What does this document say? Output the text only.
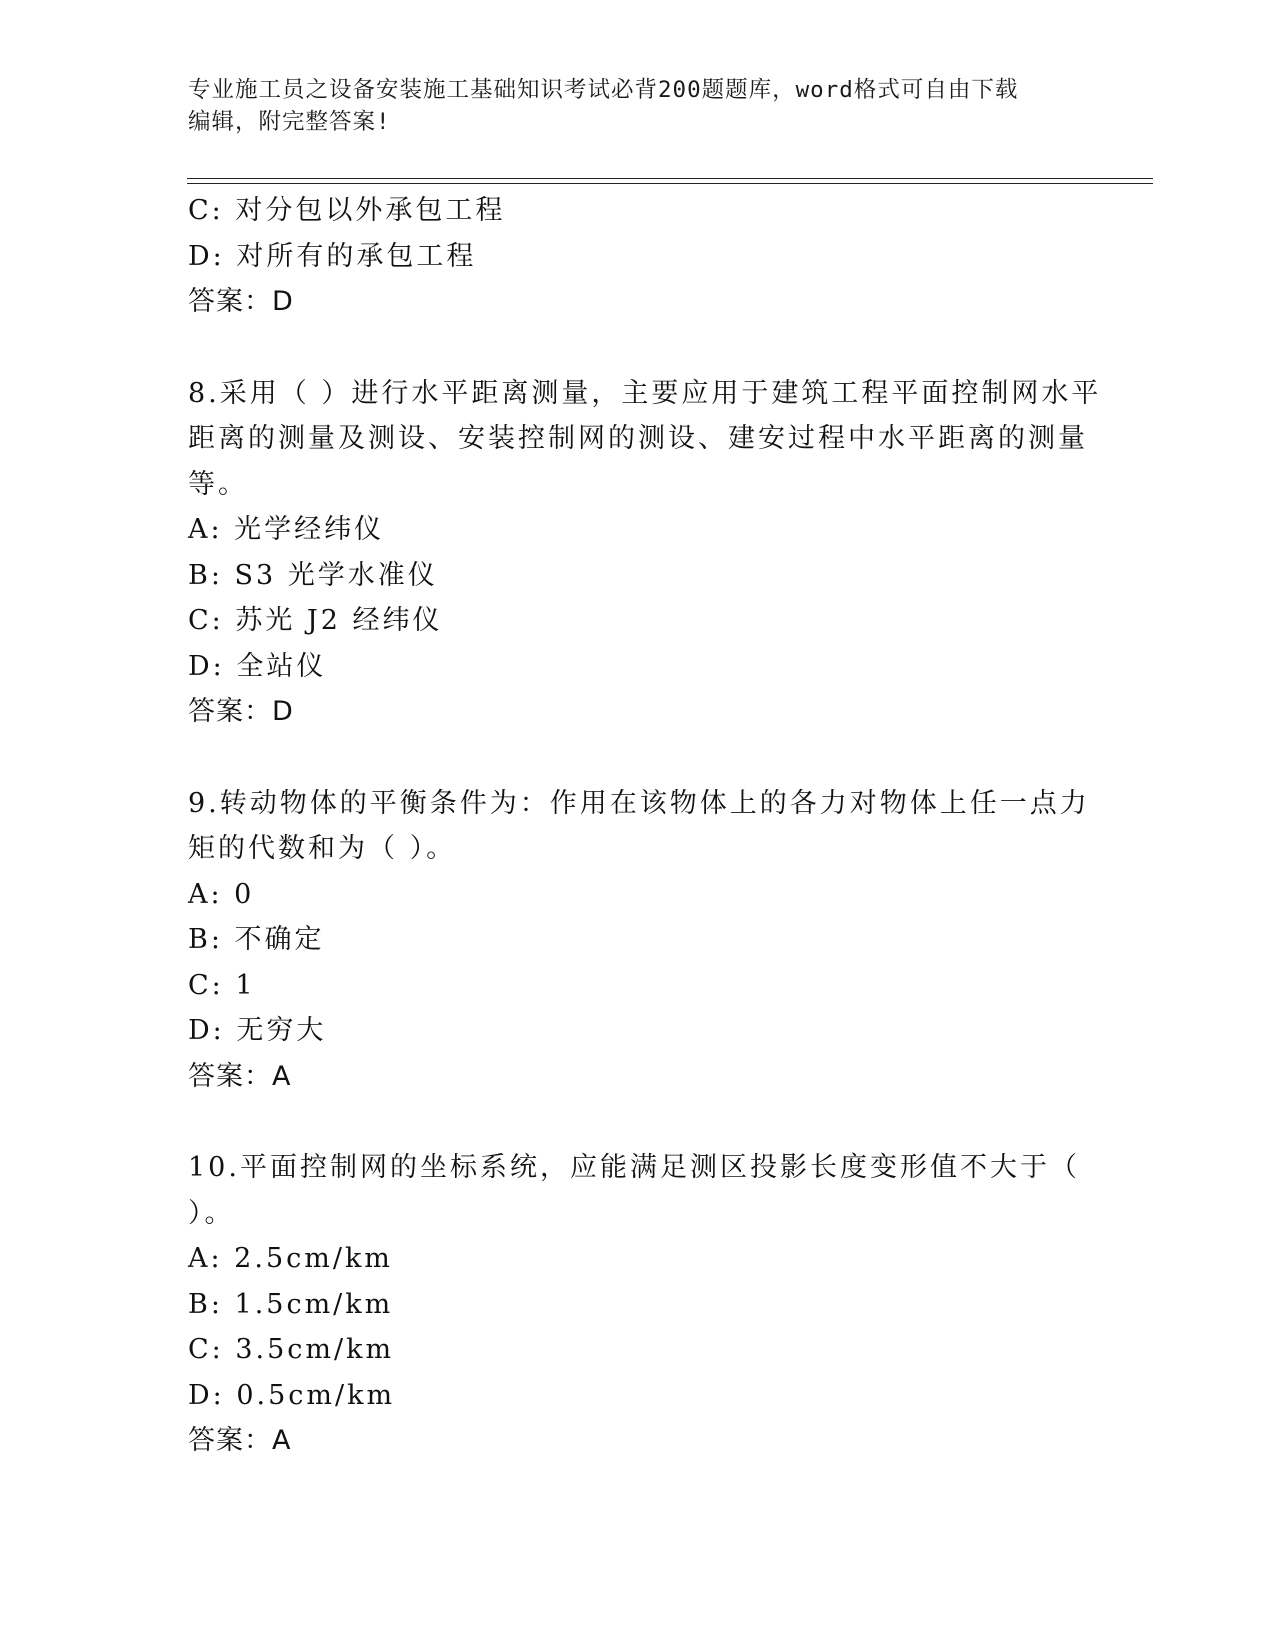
专业施工员之设备安装施工基础知识考试必背200题题库，word格式可自由下载
编辑，附完整答案!
C: 对分包以外承包工程
D: 对所有的承包工程
答案：D
8.采用（ ）进行水平距离测量，主要应用于建筑工程平面控制网水平
距离的测量及测设、安装控制网的测设、建安过程中水平距离的测量
等。
A: 光学经纬仪
B: S3 光学水准仪
C: 苏光 J2 经纬仪
D: 全站仪
答案：D
9.转动物体的平衡条件为：作用在该物体上的各力对物体上任一点力
矩的代数和为（ ）。
A: 0
B: 不确定
C: 1
D: 无穷大
答案：A
10.平面控制网的坐标系统，应能满足测区投影长度变形值不大于（
）。
A: 2.5cm/km
B: 1.5cm/km
C: 3.5cm/km
D: 0.5cm/km
答案：A
